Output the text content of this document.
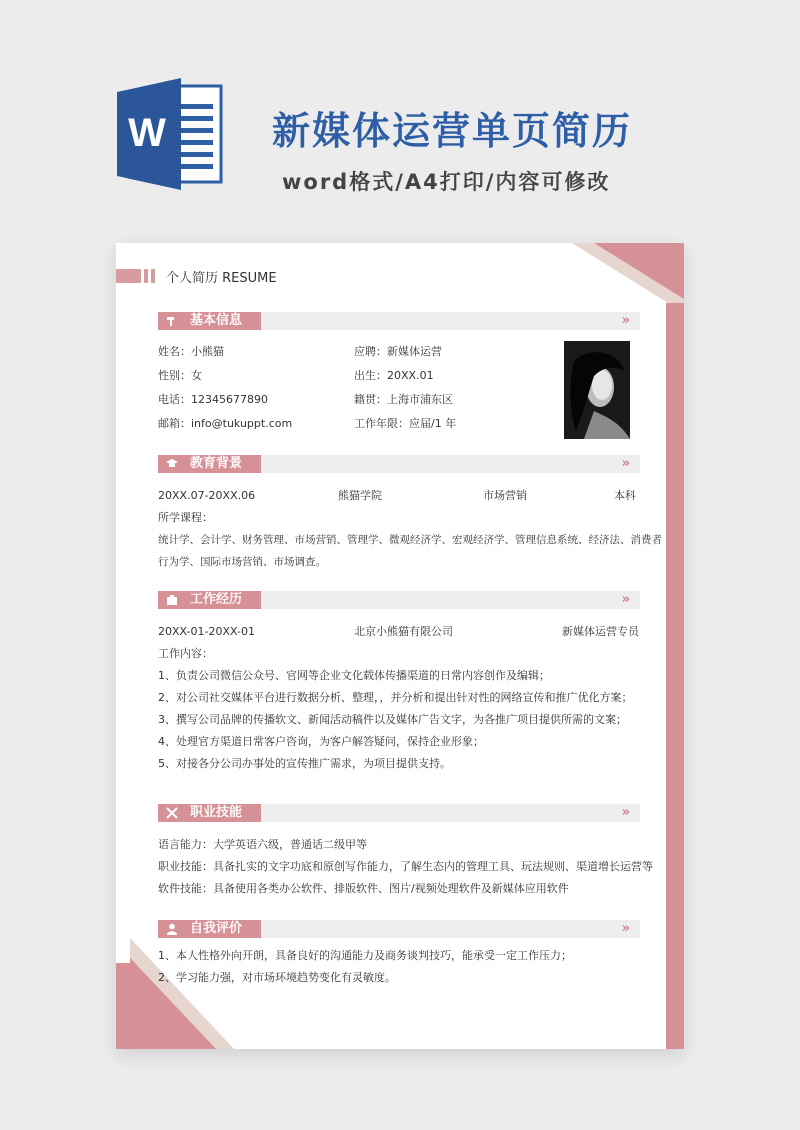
W	新媒体运营单页简历
word格式/A4打印/内容可修改
个人简历 RESUME
基本信息	»
姓名：小熊猫
性别：女
电话：12345677890
邮箱：info@tukuppt.com
应聘：新媒体运营
出生：20XX.01
籍贯：上海市浦东区
工作年限：应届/1 年
教育背景	»
20XX.07-20XX.06	熊猫学院	市场营销	本科
所学课程：
统计学、会计学、财务管理、市场营销、管理学、微观经济学、宏观经济学、管理信息系统、经济法、消费者
行为学、国际市场营销、市场调查。
工作经历	»
20XX-01-20XX-01	北京小熊猫有限公司	新媒体运营专员
工作内容：
1、负责公司微信公众号、官网等企业文化载体传播渠道的日常内容创作及编辑；
2、对公司社交媒体平台进行数据分析、整理，，并分析和提出针对性的网络宣传和推广优化方案；
3、撰写公司品牌的传播软文、新闻活动稿件以及媒体广告文字，为各推广项目提供所需的文案；
4、处理官方渠道日常客户咨询，为客户解答疑问，保持企业形象；
5、对接各分公司办事处的宣传推广需求，为项目提供支持。
职业技能	»
语言能力：大学英语六级，普通话二级甲等
职业技能：具备扎实的文字功底和原创写作能力，了解生态内的管理工具、玩法规则、渠道增长运营等
软件技能：具备使用各类办公软件、排版软件、图片/视频处理软件及新媒体应用软件
自我评价	»
1、本人性格外向开朗，具备良好的沟通能力及商务谈判技巧，能承受一定工作压力；
2、学习能力强，对市场环境趋势变化有灵敏度。
